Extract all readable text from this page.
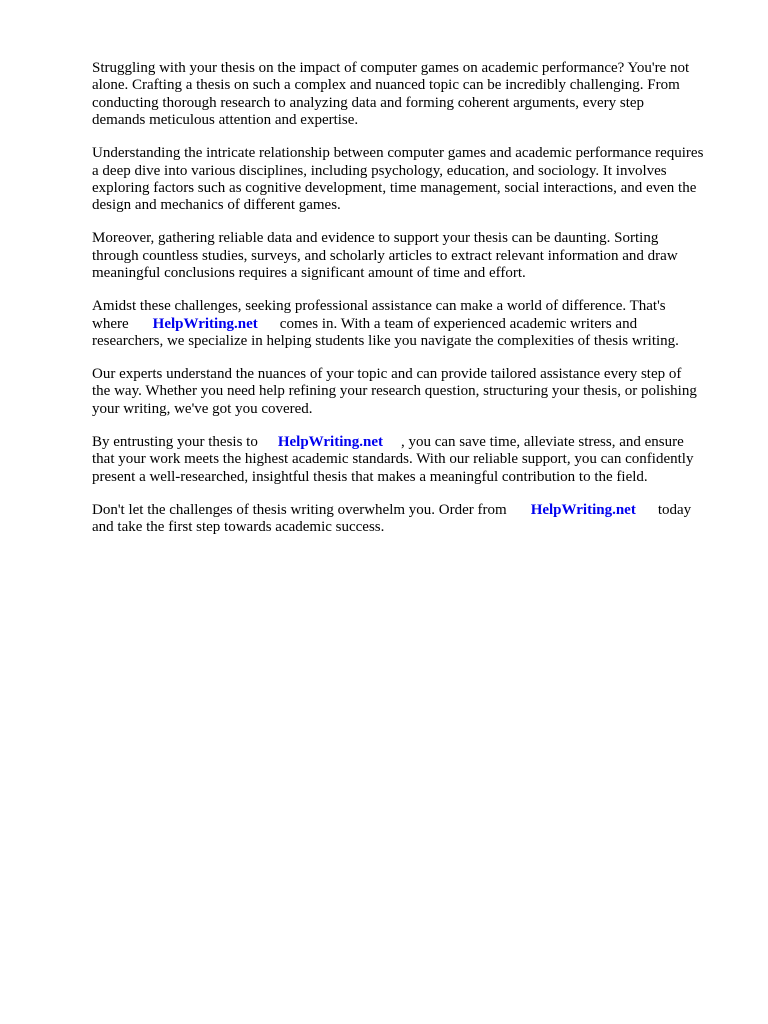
Struggling with your thesis on the impact of computer games on academic performance? You're not
alone. Crafting a thesis on such a complex and nuanced topic can be incredibly challenging. From
conducting thorough research to analyzing data and forming coherent arguments, every step
demands meticulous attention and expertise.

Understanding the intricate relationship between computer games and academic performance requires
a deep dive into various disciplines, including psychology, education, and sociology. It involves
exploring factors such as cognitive development, time management, social interactions, and even the
design and mechanics of different games.

Moreover, gathering reliable data and evidence to support your thesis can be daunting. Sorting
through countless studies, surveys, and scholarly articles to extract relevant information and draw
meaningful conclusions requires a significant amount of time and effort.

Amidst these challenges, seeking professional assistance can make a world of difference. That's
where HelpWriting.net comes in. With a team of experienced academic writers and
researchers, we specialize in helping students like you navigate the complexities of thesis writing.

Our experts understand the nuances of your topic and can provide tailored assistance every step of
the way. Whether you need help refining your research question, structuring your thesis, or polishing
your writing, we've got you covered.

By entrusting your thesis to HelpWriting.net , you can save time, alleviate stress, and ensure
that your work meets the highest academic standards. With our reliable support, you can confidently
present a well-researched, insightful thesis that makes a meaningful contribution to the field.

Don't let the challenges of thesis writing overwhelm you. Order from HelpWriting.net today
and take the first step towards academic success.
